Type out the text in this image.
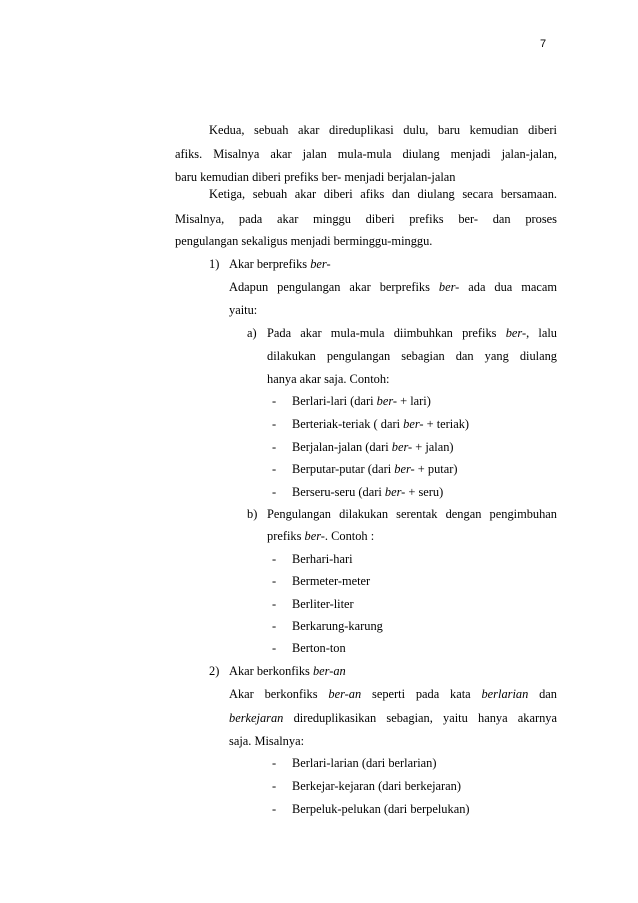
7
Kedua, sebuah akar direduplikasi dulu, baru kemudian diberi
afiks. Misalnya akar jalan mula-mula diulang menjadi jalan-jalan,
baru kemudian diberi prefiks ber- menjadi berjalan-jalan
Ketiga, sebuah akar diberi afiks dan diulang secara bersamaan.
Misalnya, pada akar minggu diberi prefiks ber- dan proses
pengulangan sekaligus menjadi berminggu-minggu.
1) Akar berprefiks ber-
Adapun pengulangan akar berprefiks ber- ada dua macam
yaitu:
a) Pada akar mula-mula diimbuhkan prefiks ber-, lalu
dilakukan pengulangan sebagian dan yang diulang
hanya akar saja. Contoh:
- Berlari-lari (dari ber- + lari)
- Berteriak-teriak ( dari ber- + teriak)
- Berjalan-jalan (dari ber- + jalan)
- Berputar-putar (dari ber- + putar)
- Berseru-seru (dari ber- + seru)
b) Pengulangan dilakukan serentak dengan pengimbuhan
prefiks ber-. Contoh :
- Berhari-hari
- Bermeter-meter
- Berliter-liter
- Berkarung-karung
- Berton-ton
2) Akar berkonfiks ber-an
Akar berkonfiks ber-an seperti pada kata berlarian dan
berkejaran direduplikasikan sebagian, yaitu hanya akarnya
saja. Misalnya:
- Berlari-larian (dari berlarian)
- Berkejar-kejaran (dari berkejaran)
- Berpeluk-pelukan (dari berpelukan)
